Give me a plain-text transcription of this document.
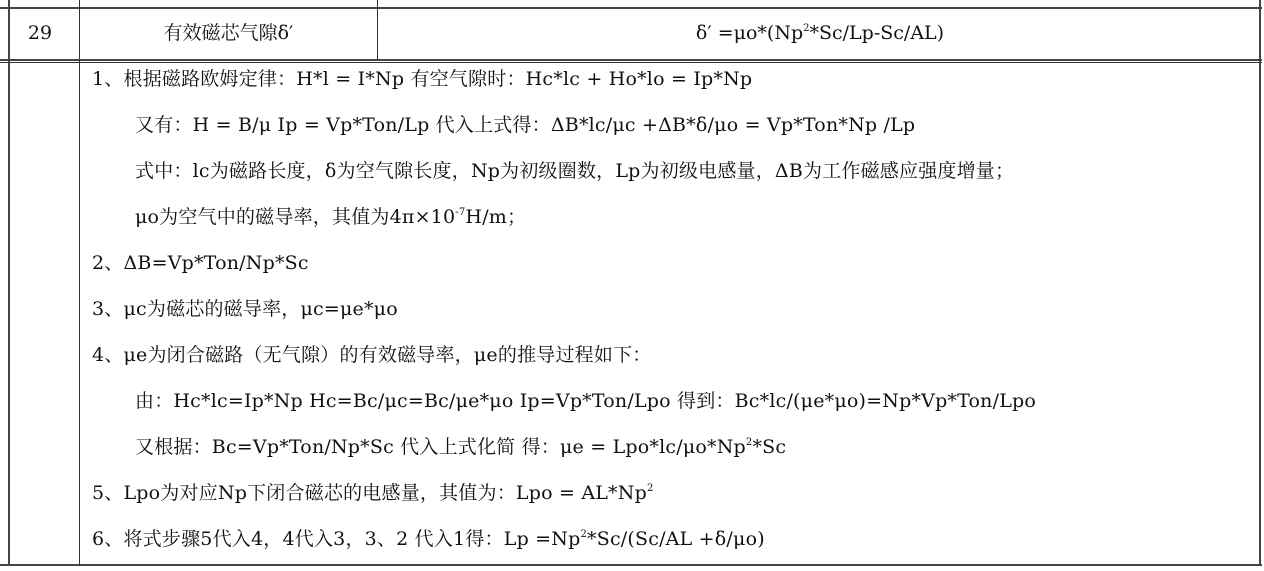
29	有效磁芯气隙δ′	$\delta' =\mu o*(Np^2*Sc/Lp-Sc/AL)$
1、根据磁路欧姆定律：H*l = I*Np 有空气隙时：Hc*lc + Ho*lo = Ip*Np
又有：H = B/μ Ip = Vp*Ton/Lp 代入上式得：ΔB*lc/μc +ΔB*δ/μo = Vp*Ton*Np /Lp
式中：lc为磁路长度，δ为空气隙长度，Np为初级圈数，Lp为初级电感量，ΔB为工作磁感应强度增量；
μo为空气中的磁导率，其值为$4\pi\times 10^{-7}H/m$；
2、ΔB=Vp*Ton/Np*Sc
3、μc为磁芯的磁导率，μc=μe*μo
4、μe为闭合磁路（无气隙）的有效磁导率，μe的推导过程如下：
由：Hc*lc=Ip*Np Hc=Bc/μc=Bc/μe*μo Ip=Vp*Ton/Lpo 得到：Bc*lc/(μe*μo)=Np*Vp*Ton/Lpo
又根据：Bc=Vp*Ton/Np*Sc 代入上式化简 得：$\mu e = Lpo*lc/\mu o*Np^2*Sc$
5、Lpo为对应Np下闭合磁芯的电感量，其值为：Lpo = $AL*Np^2$
6、将式步骤5代入4，4代入3，3、2 代入1得：$Lp =Np^2*Sc/(Sc/AL +\delta/\mu o)$
